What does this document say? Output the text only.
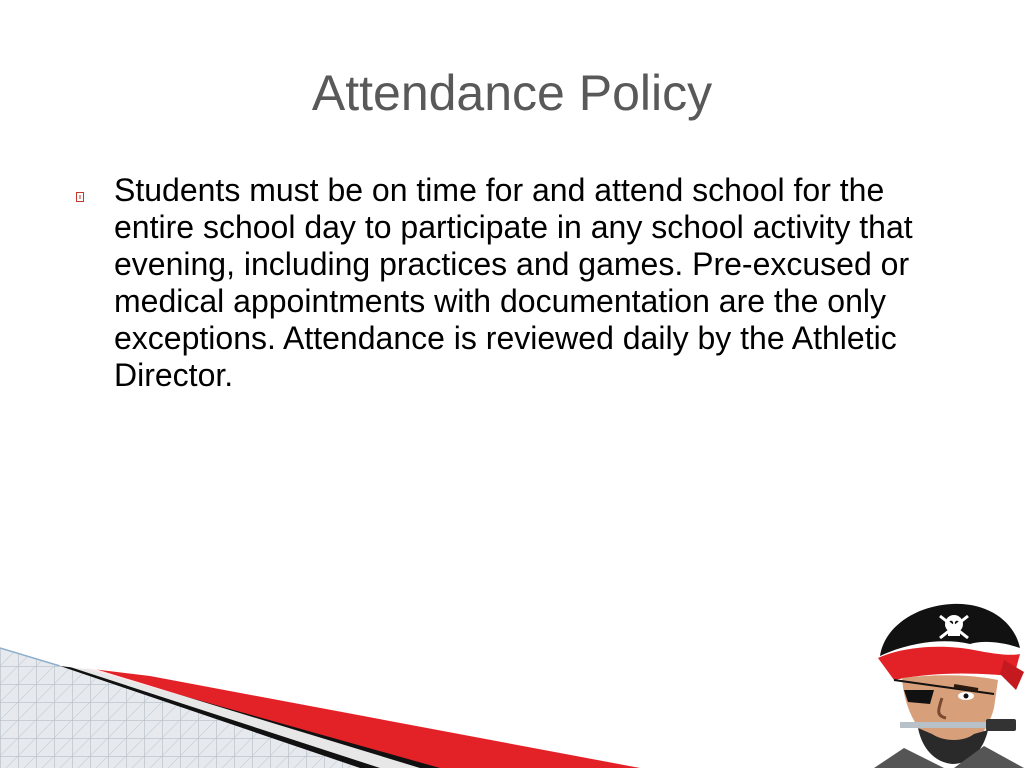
Attendance Policy
Students must be on time for and attend school for the entire school day to participate in any school activity that evening, including practices and games. Pre-excused or medical appointments with documentation are the only exceptions. Attendance is reviewed daily by the Athletic Director.
